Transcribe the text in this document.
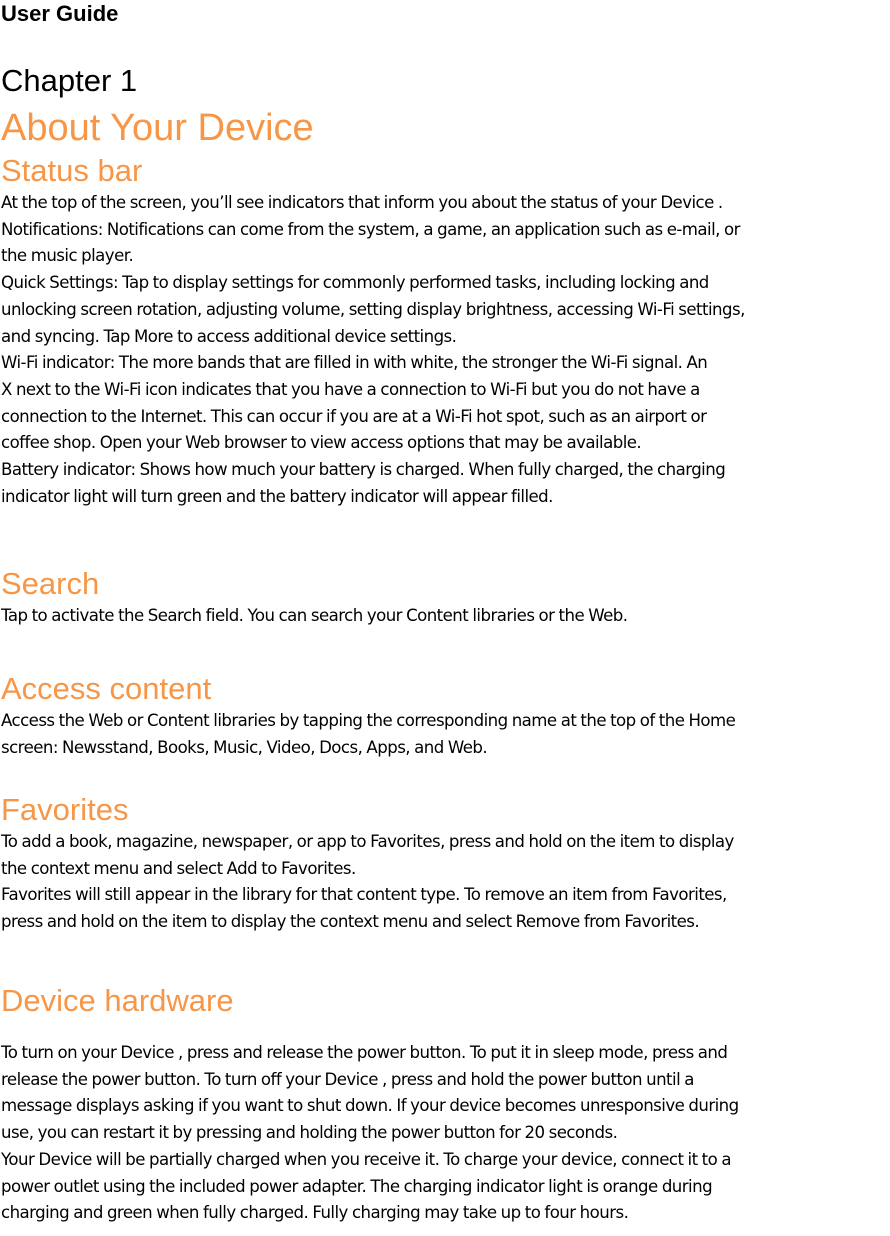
User Guide
Chapter 1
About Your Device
Status bar

At the top of the screen, you’ll see indicators that inform you about the status of your Device .
Notifications: Notifications can come from the system, a game, an application such as e-mail, or
the music player.
Quick Settings: Tap to display settings for commonly performed tasks, including locking and
unlocking screen rotation, adjusting volume, setting display brightness, accessing Wi-Fi settings,
and syncing. Tap More to access additional device settings.
Wi-Fi indicator: The more bands that are filled in with white, the stronger the Wi-Fi signal. An
X next to the Wi-Fi icon indicates that you have a connection to Wi-Fi but you do not have a
connection to the Internet. This can occur if you are at a Wi-Fi hot spot, such as an airport or
coffee shop. Open your Web browser to view access options that may be available.
Battery indicator: Shows how much your battery is charged. When fully charged, the charging
indicator light will turn green and the battery indicator will appear filled.

Search

Tap to activate the Search field. You can search your Content libraries or the Web.

Access content

Access the Web or Content libraries by tapping the corresponding name at the top of the Home
screen: Newsstand, Books, Music, Video, Docs, Apps, and Web.

Favorites

To add a book, magazine, newspaper, or app to Favorites, press and hold on the item to display
the context menu and select Add to Favorites.
Favorites will still appear in the library for that content type. To remove an item from Favorites,
press and hold on the item to display the context menu and select Remove from Favorites.

Device hardware

To turn on your Device , press and release the power button. To put it in sleep mode, press and
release the power button. To turn off your Device , press and hold the power button until a
message displays asking if you want to shut down. If your device becomes unresponsive during
use, you can restart it by pressing and holding the power button for 20 seconds.
Your Device will be partially charged when you receive it. To charge your device, connect it to a
power outlet using the included power adapter. The charging indicator light is orange during
charging and green when fully charged. Fully charging may take up to four hours.
